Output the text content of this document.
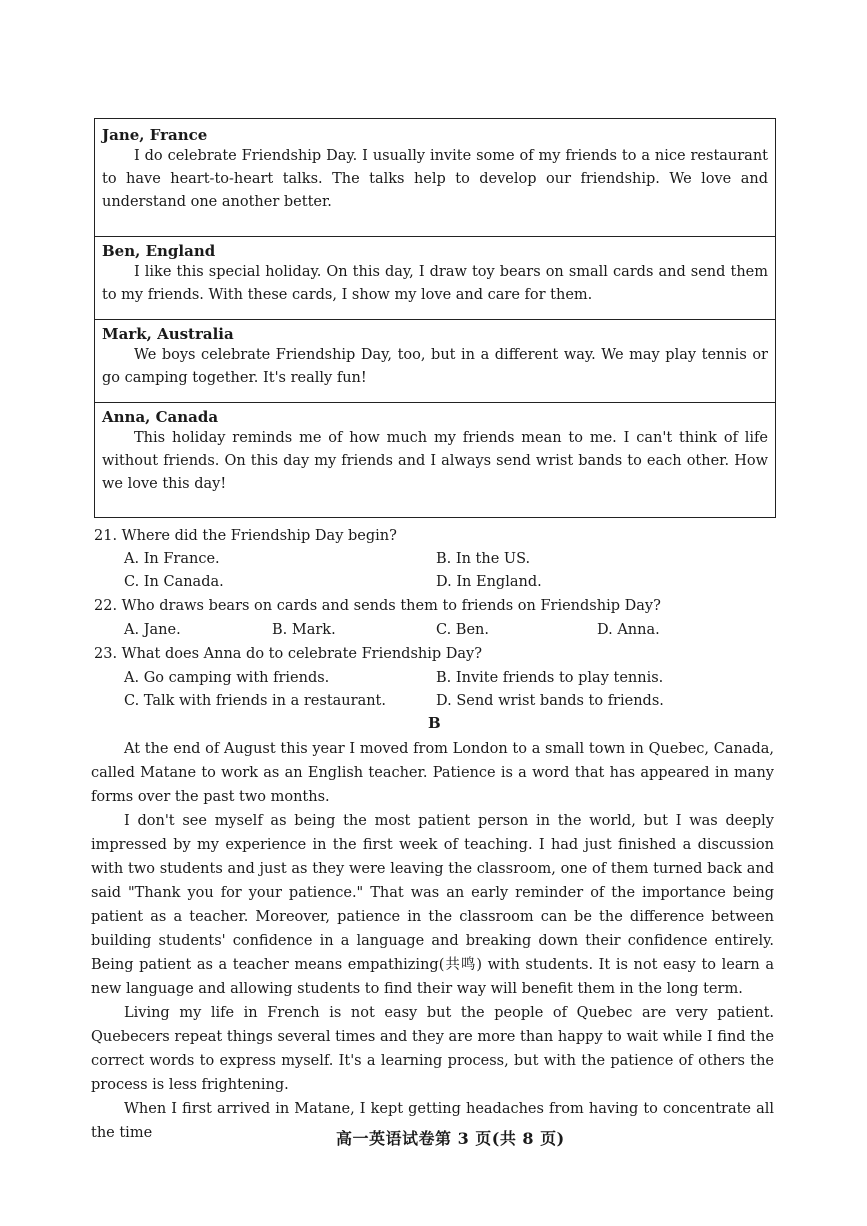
Jane, France
I do celebrate Friendship Day. I usually invite some of my friends to a nice restaurant to have heart-to-heart talks. The talks help to develop our friendship. We love and understand one another better.
Ben, England
I like this special holiday. On this day, I draw toy bears on small cards and send them to my friends. With these cards, I show my love and care for them.
Mark, Australia
We boys celebrate Friendship Day, too, but in a different way. We may play tennis or go camping together. It's really fun!
Anna, Canada
This holiday reminds me of how much my friends mean to me. I can't think of life without friends. On this day my friends and I always send wrist bands to each other. How we love this day!
21. Where did the Friendship Day begin?
A. In France.	B. In the US.
C. In Canada.	D. In England.
22. Who draws bears on cards and sends them to friends on Friendship Day?
A. Jane.	B. Mark.	C. Ben.	D. Anna.
23. What does Anna do to celebrate Friendship Day?
A. Go camping with friends.	B. Invite friends to play tennis.
C. Talk with friends in a restaurant.	D. Send wrist bands to friends.
B

At the end of August this year I moved from London to a small town in Quebec, Canada, called Matane to work as an English teacher. Patience is a word that has appeared in many forms over the past two months.

I don't see myself as being the most patient person in the world, but I was deeply impressed by my experience in the first week of teaching. I had just finished a discussion with two students and just as they were leaving the classroom, one of them turned back and said "Thank you for your patience." That was an early reminder of the importance being patient as a teacher. Moreover, patience in the classroom can be the difference between building students' confidence in a language and breaking down their confidence entirely. Being patient as a teacher means empathizing(共鸣) with students. It is not easy to learn a new language and allowing students to find their way will benefit them in the long term.

Living my life in French is not easy but the people of Quebec are very patient. Quebecers repeat things several times and they are more than happy to wait while I find the correct words to express myself. It's a learning process, but with the patience of others the process is less frightening.

When I first arrived in Matane, I kept getting headaches from having to concentrate all the time	高一英语试卷第 3 页(共 8 页)
